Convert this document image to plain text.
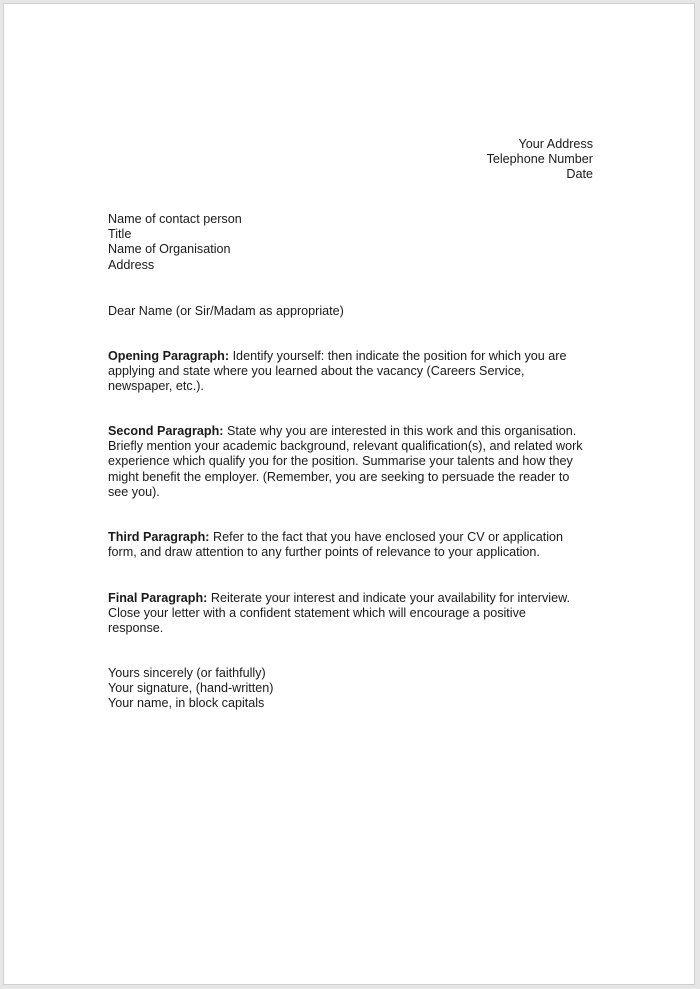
Your Address
Telephone Number
Date
Name of contact person
Title
Name of Organisation
Address
Dear Name (or Sir/Madam as appropriate)
Opening Paragraph: Identify yourself: then indicate the position for which you are
applying and state where you learned about the vacancy (Careers Service,
newspaper, etc.).
Second Paragraph: State why you are interested in this work and this organisation.
Briefly mention your academic background, relevant qualification(s), and related work
experience which qualify you for the position. Summarise your talents and how they
might benefit the employer. (Remember, you are seeking to persuade the reader to
see you).
Third Paragraph: Refer to the fact that you have enclosed your CV or application
form, and draw attention to any further points of relevance to your application.
Final Paragraph: Reiterate your interest and indicate your availability for interview.
Close your letter with a confident statement which will encourage a positive
response.
Yours sincerely (or faithfully)
Your signature, (hand-written)
Your name, in block capitals
